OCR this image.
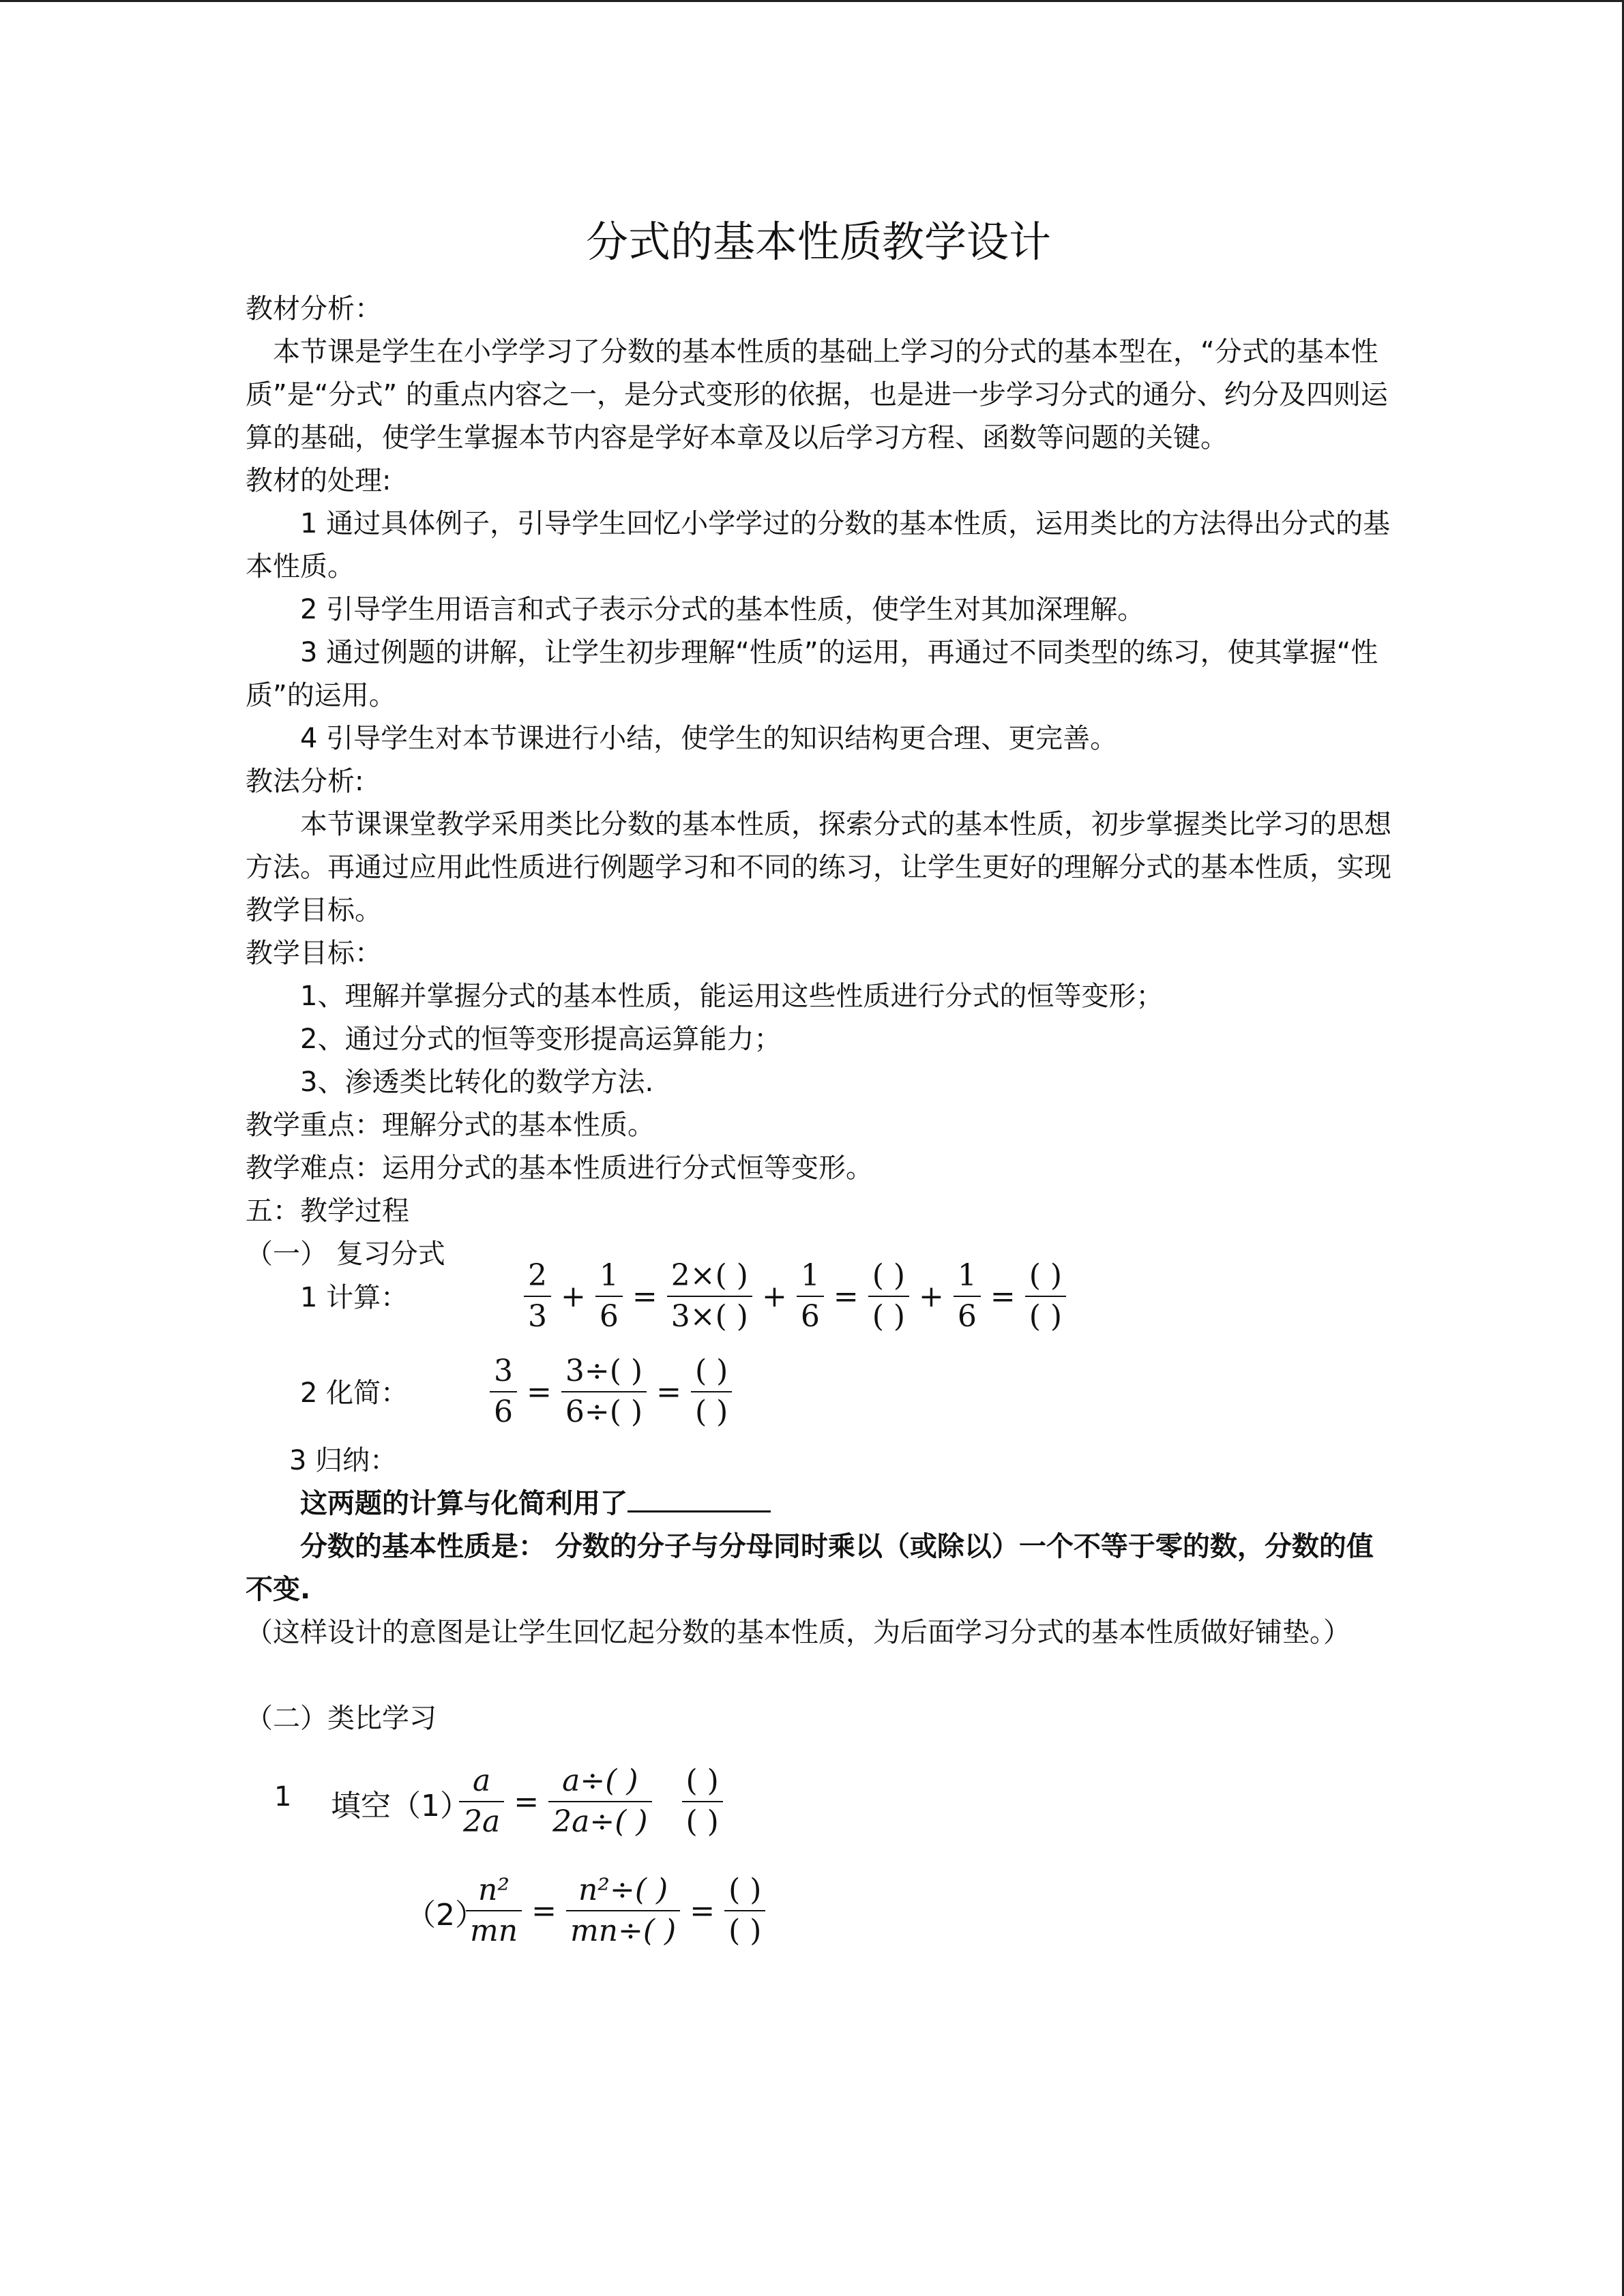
分式的基本性质教学设计

教材分析：

本节课是学生在小学学习了分数的基本性质的基础上学习的分式的基本型在，“分式的基本性质”是“分式” 的重点内容之一，是分式变形的依据，也是进一步学习分式的通分、约分及四则运算的基础，使学生掌握本节内容是学好本章及以后学习方程、函数等问题的关键。

教材的处理:

1 通过具体例子，引导学生回忆小学学过的分数的基本性质，运用类比的方法得出分式的基本性质。

2 引导学生用语言和式子表示分式的基本性质，使学生对其加深理解。

3 通过例题的讲解，让学生初步理解“性质”的运用，再通过不同类型的练习，使其掌握“性质”的运用。

4 引导学生对本节课进行小结，使学生的知识结构更合理、更完善。

教法分析:

本节课课堂教学采用类比分数的基本性质，探索分式的基本性质，初步掌握类比学习的思想方法。再通过应用此性质进行例题学习和不同的练习，让学生更好的理解分式的基本性质，实现教学目标。

教学目标：

1、理解并掌握分式的基本性质，能运用这些性质进行分式的恒等变形；

2、通过分式的恒等变形提高运算能力；

3、渗透类比转化的数学方法.

教学重点：理解分式的基本性质。

教学难点：运用分式的基本性质进行分式恒等变形。

五：教学过程

（一） 复习分式

1 计算：	$\frac{2}{3} + \frac{1}{6} = \frac{2\times( )}{3\times( )} + \frac{1}{6} = \frac{( )}{( )} + \frac{1}{6} = \frac{( )}{( )}$
2 化简：	$\frac{3}{6} = \frac{3\div( )}{6\div( )} = \frac{( )}{( )}$

3 归纳：

这两题的计算与化简利用了

分数的基本性质是： 分数的分子与分母同时乘以（或除以）一个不等于零的数，分数的值不变.

（这样设计的意图是让学生回忆起分数的基本性质，为后面学习分式的基本性质做好铺垫。）

（二）类比学习

1 填空（1）
$\frac{a}{2a} = \frac{a\div( )}{2a\div( )} \frac{( )}{( )}$
（2）
$\frac{\text{n²}}{mn} = \frac{\text{n²÷( )}}{mn\div( )} = \frac{( )}{( )}$
